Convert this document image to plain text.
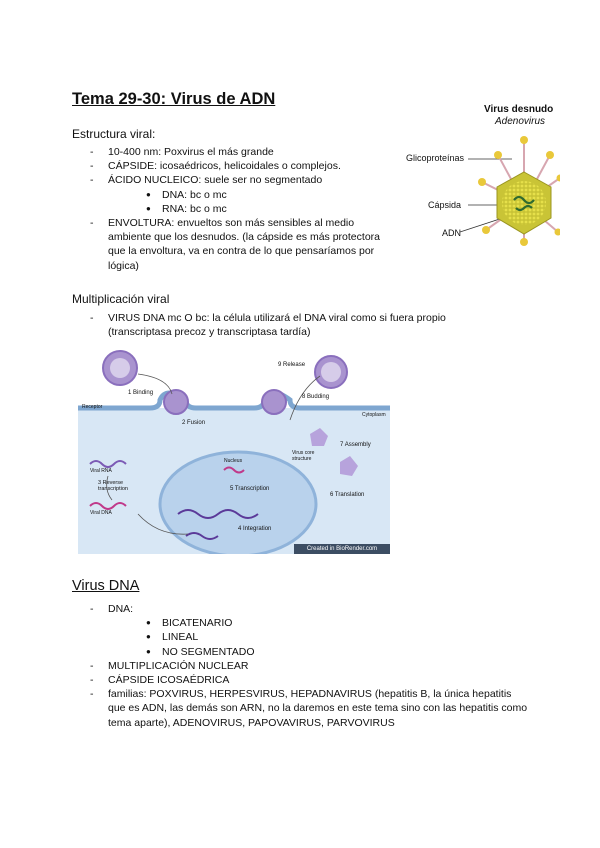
Tema 29-30: Virus de ADN
Estructura viral:
- 10-400 nm: Poxvirus el más grande
- CÁPSIDE: icosaédricos, helicoidales o complejos.
- ÁCIDO NUCLEICO: suele ser no segmentado
● DNA: bc o mc
● RNA: bc o mc
- ENVOLTURA: envueltos son más sensibles al medio ambiente que los desnudos. (la cápside es más protectora que la envoltura, va en contra de lo que pensaríamos por lógica)
Virus desnudo
Adenovirus
Glicoproteínas
Cápsida
ADN
Multiplicación viral
- VIRUS DNA mc O bc: la célula utilizará el DNA viral como si fuera propio (transcriptasa precoz y transcriptasa tardía)
1 Binding
2 Fusion
3 Reverse transcription
4 Integration
5 Transcription
6 Translation
7 Assembly
8 Budding
9 Release
Receptor
Cytoplasm
Nucleus
Viral RNA
Viral DNA
Virus core structure
Created in BioRender.com
Virus DNA
- DNA:
● BICATENARIO
● LINEAL
● NO SEGMENTADO
- MULTIPLICACIÓN NUCLEAR
- CÁPSIDE ICOSAÉDRICA
- familias: POXVIRUS, HERPESVIRUS, HEPADNAVIRUS (hepatitis B, la única hepatitis que es ADN, las demás son ARN, no la daremos en este tema sino con las hepatitis como tema aparte), ADENOVIRUS, PAPOVAVIRUS, PARVOVIRUS
